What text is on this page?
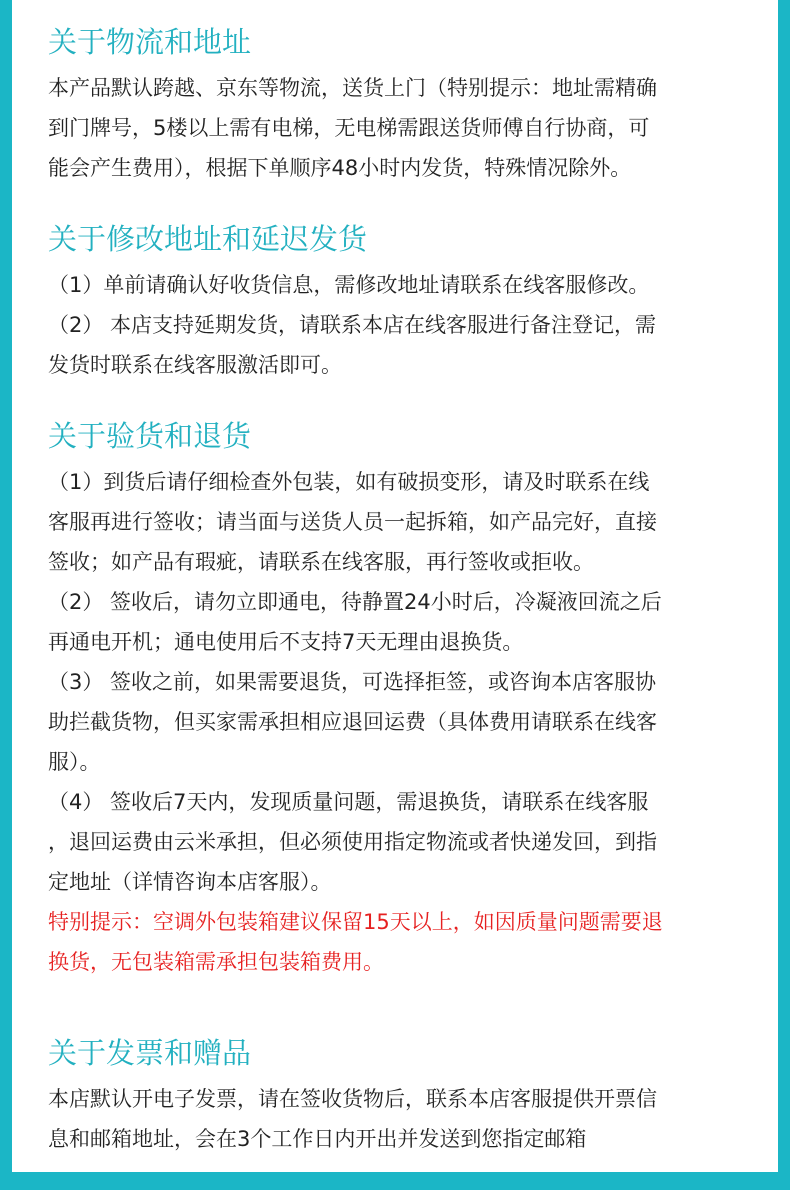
关于物流和地址

本产品默认跨越、京东等物流，送货上门（特别提示：地址需精确

到门牌号，5楼以上需有电梯，无电梯需跟送货师傅自行协商，可

能会产生费用），根据下单顺序48小时内发货，特殊情况除外。

关于修改地址和延迟发货

（1）单前请确认好收货信息，需修改地址请联系在线客服修改。

（2） 本店支持延期发货，请联系本店在线客服进行备注登记，需

发货时联系在线客服激活即可。

关于验货和退货

（1）到货后请仔细检查外包装，如有破损变形，请及时联系在线

客服再进行签收；请当面与送货人员一起拆箱，如产品完好，直接

签收；如产品有瑕疵，请联系在线客服，再行签收或拒收。

（2） 签收后，请勿立即通电，待静置24小时后，冷凝液回流之后

再通电开机；通电使用后不支持7天无理由退换货。

（3） 签收之前，如果需要退货，可选择拒签，或咨询本店客服协

助拦截货物，但买家需承担相应退回运费（具体费用请联系在线客

服）。

（4） 签收后7天内，发现质量问题，需退换货，请联系在线客服

，退回运费由云米承担，但必须使用指定物流或者快递发回，到指

定地址（详情咨询本店客服）。

特别提示：空调外包装箱建议保留15天以上，如因质量问题需要退

换货，无包装箱需承担包装箱费用。

关于发票和赠品

本店默认开电子发票，请在签收货物后，联系本店客服提供开票信

息和邮箱地址，会在3个工作日内开出并发送到您指定邮箱
